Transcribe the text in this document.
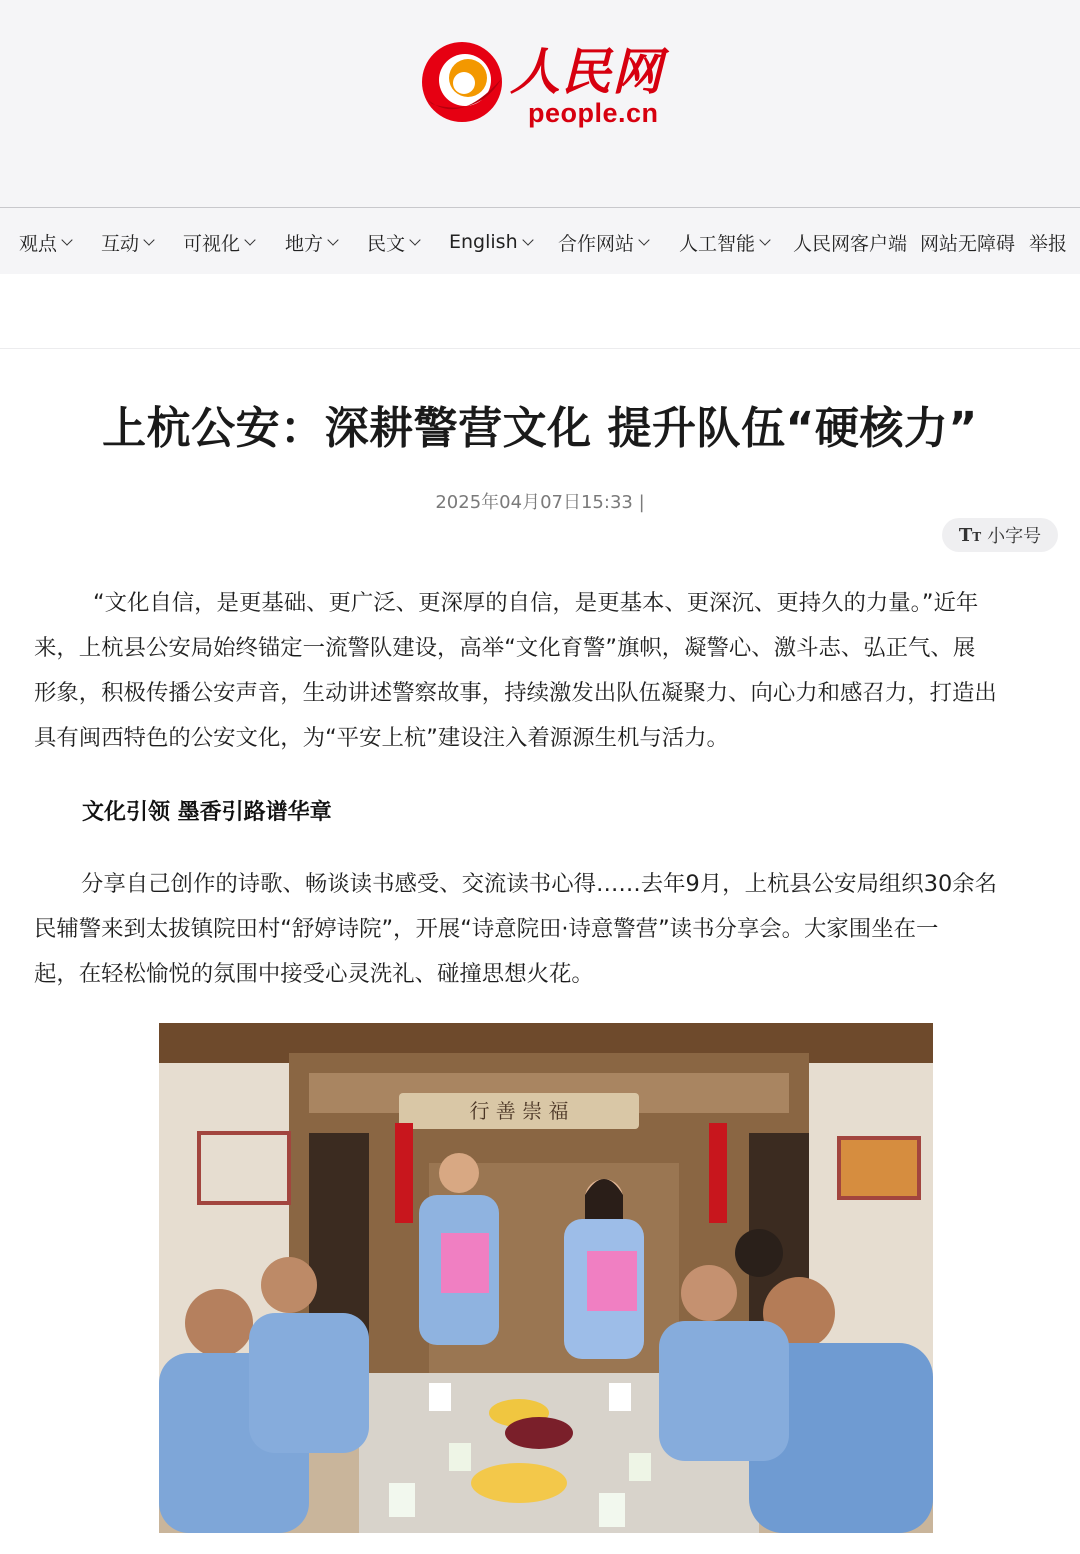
人民网
people.cn
观点 互动 可视化 地方 民文 English 合作网站 人工智能 人民网客户端 网站无障碍 举报
上杭公安：深耕警营文化 提升队伍“硬核力”
2025年04月07日15:33 |
TT 小字号
“文化自信，是更基础、更广泛、更深厚的自信，是更基本、更深沉、更持久的力量。”近年
来，上杭县公安局始终锚定一流警队建设，高举“文化育警”旗帜，凝警心、激斗志、弘正气、展
形象，积极传播公安声音，生动讲述警察故事，持续激发出队伍凝聚力、向心力和感召力，打造出
具有闽西特色的公安文化，为“平安上杭”建设注入着源源生机与活力。
文化引领 墨香引路谱华章
分享自己创作的诗歌、畅谈读书感受、交流读书心得……去年9月，上杭县公安局组织30余名
民辅警来到太拔镇院田村“舒婷诗院”，开展“诗意院田·诗意警营”读书分享会。大家围坐在一
起，在轻松愉悦的氛围中接受心灵洗礼、碰撞思想火花。
行 善 崇 福
